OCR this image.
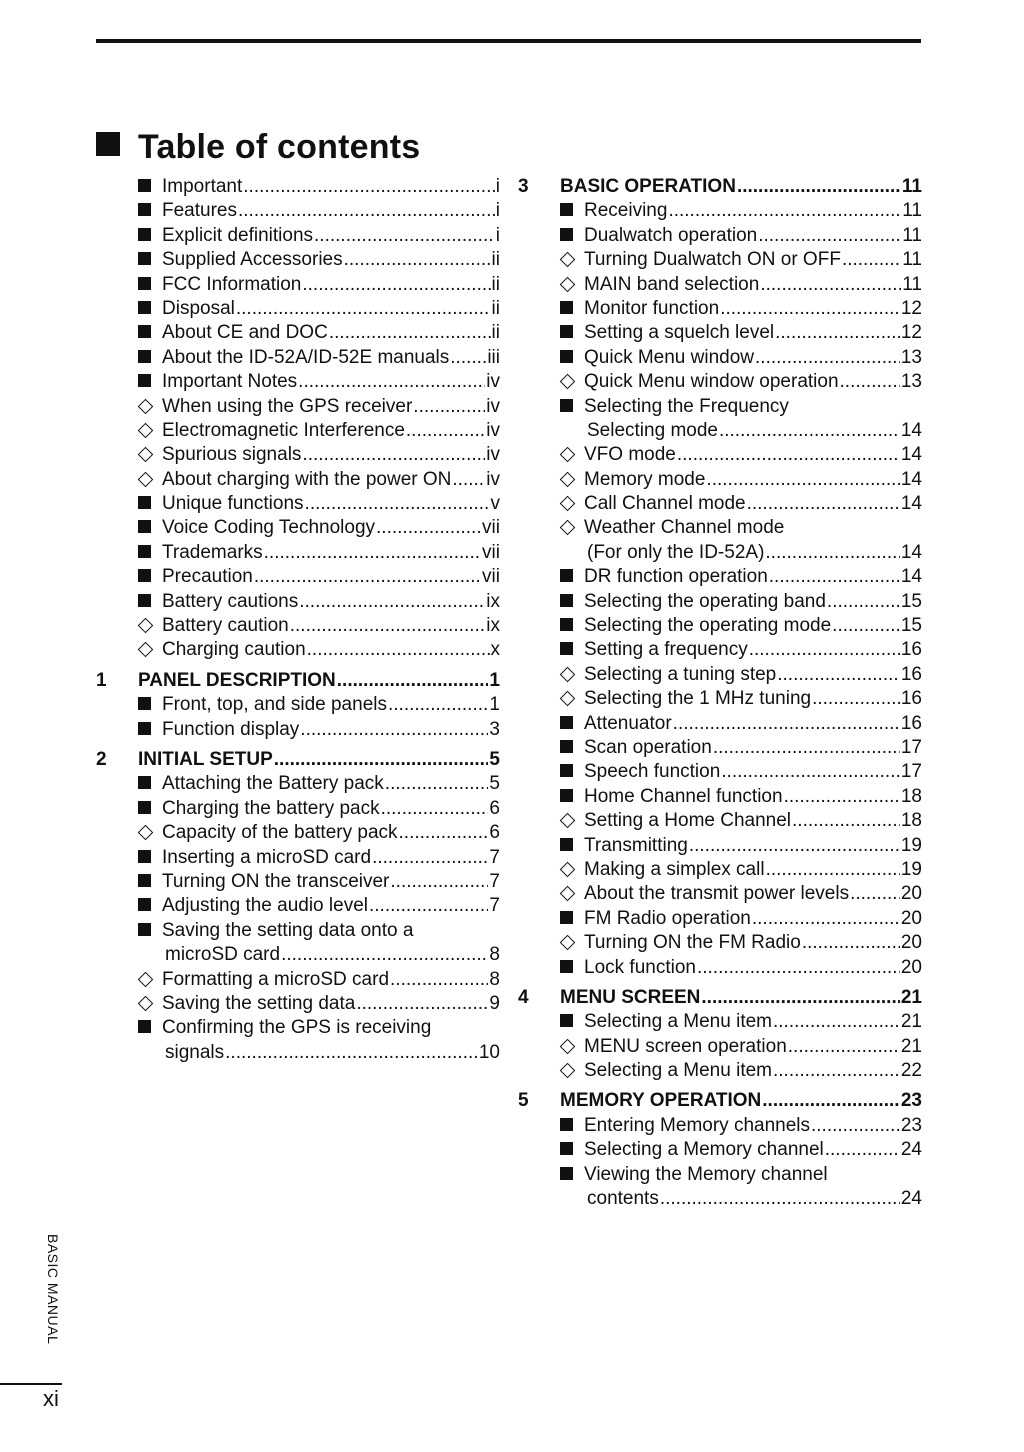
Table of contents
Important .....	i
Features .....	i
Explicit definitions .....	i
Supplied Accessories .....	ii
FCC Information .....	ii
Disposal .....	ii
About CE and DOC .....	ii
About the ID-52A/ID-52E manuals ..... iii
Important Notes .....	iv
When using the GPS receiver .....	iv
Electromagnetic Interference .....	iv
Spurious signals .....	iv
About charging with the power ON ..... iv
Unique functions .....	v
Voice Coding Technology .....	vii
Trademarks .....	vii
Precaution .....	vii
Battery cautions .....	ix
Battery caution .....	ix
Charging caution .....	x
1	PANEL DESCRIPTION .....	1
Front, top, and side panels .....	1
Function display .....	3
2	INITIAL SETUP .....	5
Attaching the Battery pack .....	5
Charging the battery pack .....	6
Capacity of the battery pack .....	6
Inserting a microSD card .....	7
Turning ON the transceiver .....	7
Adjusting the audio level .....	7
Saving the setting data onto a
microSD card .....	8
Formatting a microSD card .....	8
Saving the setting data .....	9
Confirming the GPS is receiving
signals .....	10
3	BASIC OPERATION .....	11
Receiving .....	11
Dualwatch operation .....	11
Turning Dualwatch ON or OFF .....	11
MAIN band selection .....	11
Monitor function .....	12
Setting a squelch level .....	12
Quick Menu window .....	13
Quick Menu window operation .....	13
Selecting the Frequency
Selecting mode .....	14
VFO mode .....	14
Memory mode .....	14
Call Channel mode .....	14
Weather Channel mode
(For only the ID-52A) .....	14
DR function operation .....	14
Selecting the operating band .....	15
Selecting the operating mode .....	15
Setting a frequency .....	16
Selecting a tuning step .....	16
Selecting the 1 MHz tuning .....	16
Attenuator .....	16
Scan operation .....	17
Speech function .....	17
Home Channel function .....	18
Setting a Home Channel .....	18
Transmitting .....	19
Making a simplex call .....	19
About the transmit power levels .....	20
FM Radio operation .....	20
Turning ON the FM Radio .....	20
Lock function .....	20
4	MENU SCREEN .....	21
Selecting a Menu item .....	21
MENU screen operation .....	21
Selecting a Menu item .....	22
5	MEMORY OPERATION .....	23
Entering Memory channels .....	23
Selecting a Memory channel .....	24
Viewing the Memory channel
contents .....	24
BASIC MANUAL
xi
